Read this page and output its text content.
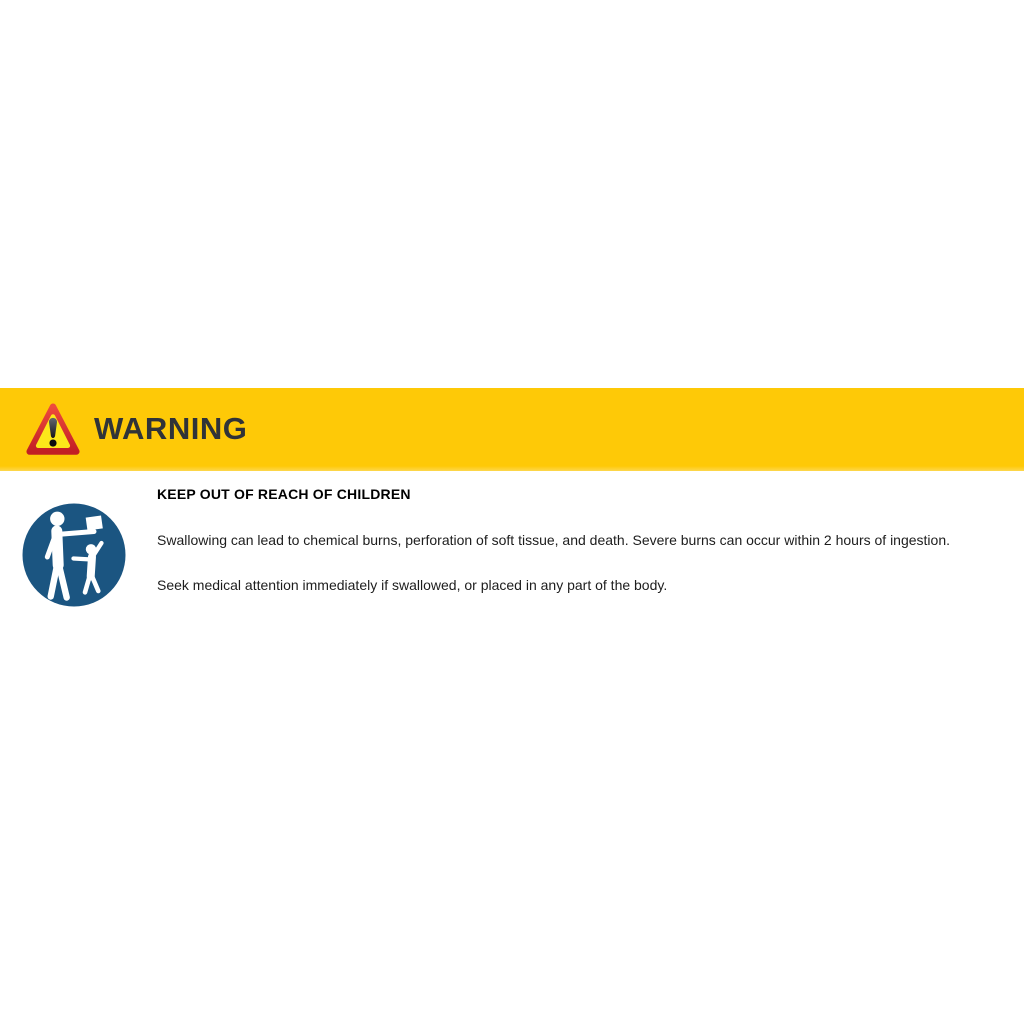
WARNING
KEEP OUT OF REACH OF CHILDREN

Swallowing can lead to chemical burns, perforation of soft tissue, and death. Severe burns can occur within 2 hours of ingestion.

Seek medical attention immediately if swallowed, or placed in any part of the body.
